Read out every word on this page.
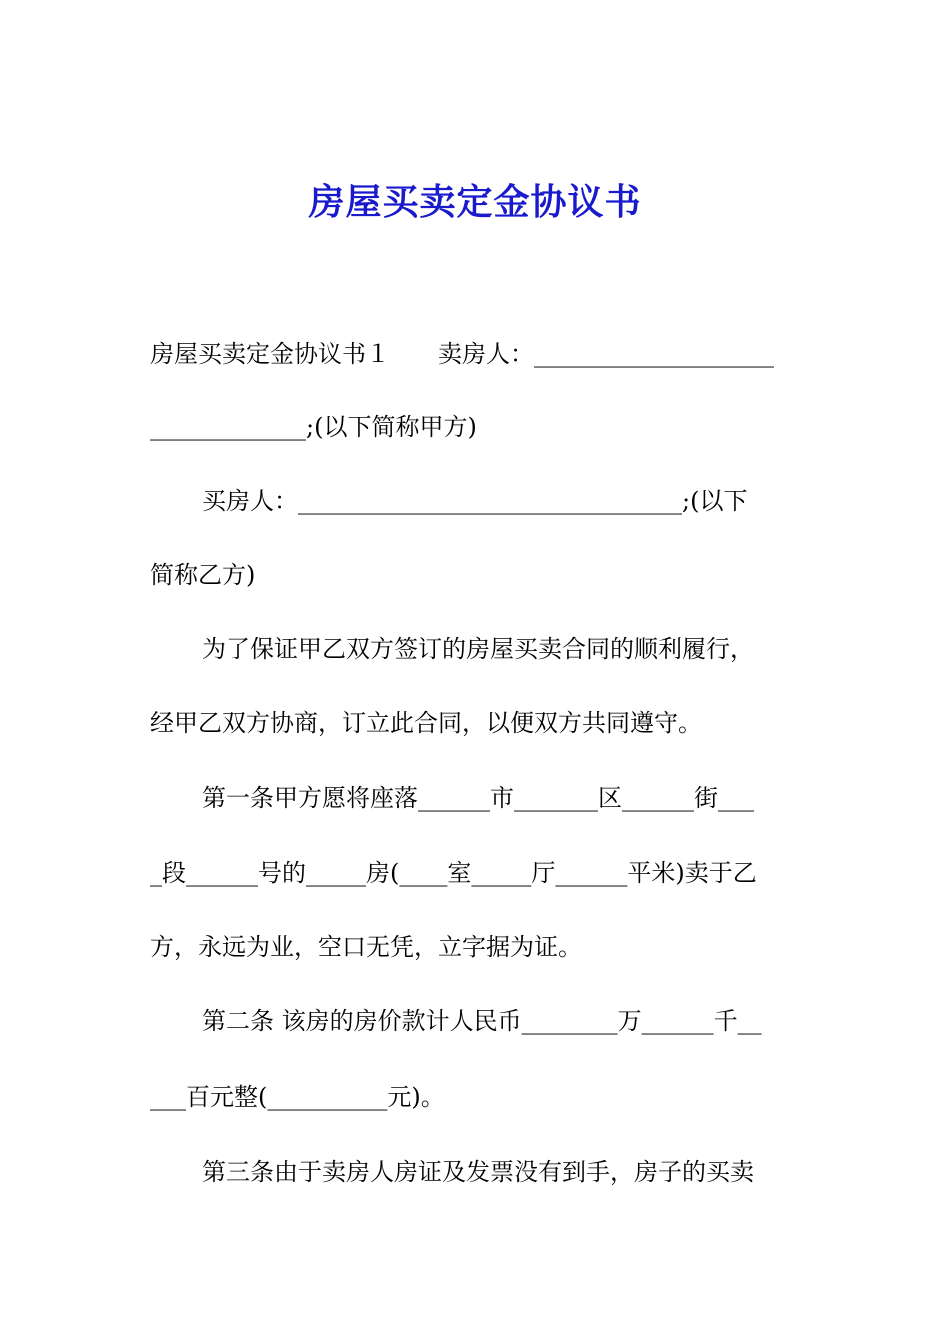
房屋买卖定金协议书
房屋买卖定金协议书１　　卖房人：____________________
_____________;(以下简称甲方)
买房人：________________________________;(以下
简称乙方)
为了保证甲乙双方签订的房屋买卖合同的顺利履行，
经甲乙双方协商，订立此合同，以便双方共同遵守。
第一条甲方愿将座落______市_______区______街___
_段______号的_____房(____室_____厅______平米)卖于乙
方，永远为业，空口无凭，立字据为证。
第二条 该房的房价款计人民币________万______千__
___百元整(__________元)。
第三条由于卖房人房证及发票没有到手，房子的买卖
